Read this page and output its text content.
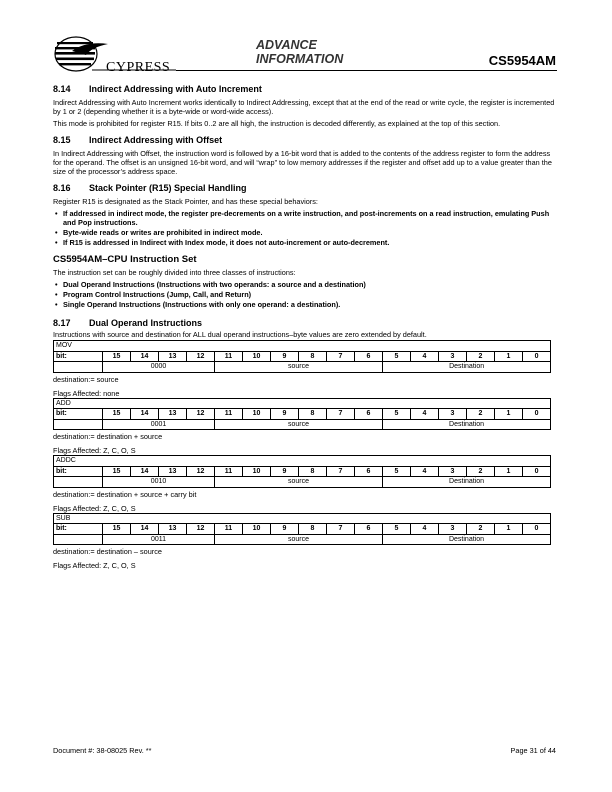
CYPRESS
ADVANCE
INFORMATION	CS5954AM
8.14 Indirect Addressing with Auto Increment

Indirect Addressing with Auto Increment works identically to Indirect Addressing, except that at the end of the read or write cycle, the register is incremented by 1 or 2 (depending whether it is a byte-wide or word-wide access).

This mode is prohibited for register R15. If bits 0..2 are all high, the instruction is decoded differently, as explained at the top of this section.

8.15 Indirect Addressing with Offset

In Indirect Addressing with Offset, the instruction word is followed by a 16-bit word that is added to the contents of the address register to form the address for the operand. The offset is an unsigned 16-bit word, and will “wrap” to low memory addresses if the register and offset add up to a value greater than the size of the processor’s address space.

8.16 Stack Pointer (R15) Special Handling

Register R15 is designated as the Stack Pointer, and has these special behaviors:

• If addressed in indirect mode, the register pre-decrements on a write instruction, and post-increments on a read instruction, emulating Push and Pop instructions.
• Byte-wide reads or writes are prohibited in indirect mode.
• If R15 is addressed in Indirect with Index mode, it does not auto-increment or auto-decrement.
CS5954AM–CPU Instruction Set

The instruction set can be roughly divided into three classes of instructions:

• Dual Operand Instructions (Instructions with two operands: a source and a destination)
• Program Control Instructions (Jump, Call, and Return)
• Single Operand Instructions (Instructions with only one operand: a destination).
8.17 Dual Operand Instructions

Instructions with source and destination for ALL dual operand instructions–byte values are zero extended by default.

MOV																
bit:	15	14	13	12	11	10	9	8	7	6	5	4	3	2	1	0
	0000				source						Destination					
destination:= source
Flags Affected: none
ADD																
bit:	15	14	13	12	11	10	9	8	7	6	5	4	3	2	1	0
	0001				source						Destination					
destination:= destination + source
Flags Affected: Z, C, O, S
ADDC																
bit:	15	14	13	12	11	10	9	8	7	6	5	4	3	2	1	0
	0010				source						Destination					
destination:= destination + source + carry bit
Flags Affected: Z, C, O, S
SUB																
bit:	15	14	13	12	11	10	9	8	7	6	5	4	3	2	1	0
	0011				source						Destination					
destination:= destination – source
Flags Affected: Z, C, O, S
Document #: 38-08025 Rev. **	Page 31 of 44
